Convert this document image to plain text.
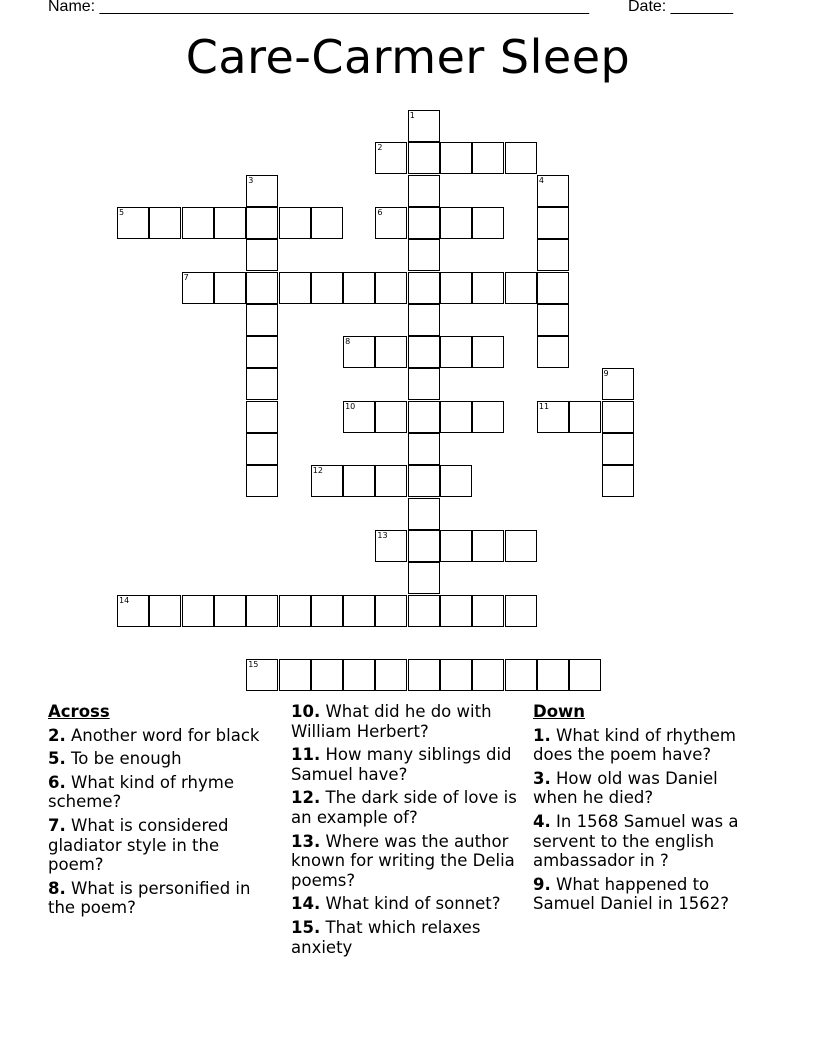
Name: _______________________________________________________ Date: _______
Care-Carmer Sleep
1
2
3	4
5	6
7
8
9
10	11
12
13
14
15
Across
2. Another word for black
5. To be enough
6. What kind of rhyme scheme?
7. What is considered gladiator style in the poem?
8. What is personified in the poem?
10. What did he do with William Herbert?
11. How many siblings did Samuel have?
12. The dark side of love is an example of?
13. Where was the author known for writing the Delia poems?
14. What kind of sonnet?
15. That which relaxes anxiety
Down
1. What kind of rhythem does the poem have?
3. How old was Daniel when he died?
4. In 1568 Samuel was a servent to the english ambassador in ?
9. What happened to Samuel Daniel in 1562?
